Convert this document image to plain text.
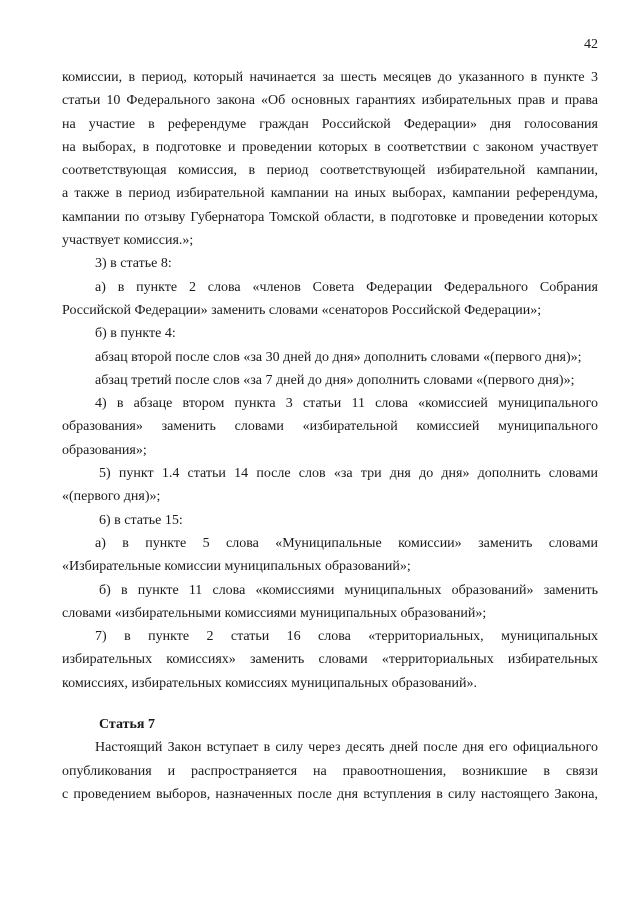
42
комиссии, в период, который начинается за шесть месяцев до указанного в пункте 3
статьи 10 Федерального закона «Об основных гарантиях избирательных прав и права
на участие в референдуме граждан Российской Федерации» дня голосования
на выборах, в подготовке и проведении которых в соответствии с законом участвует
соответствующая комиссия, в период соответствующей избирательной кампании,
а также в период избирательной кампании на иных выборах, кампании референдума,
кампании по отзыву Губернатора Томской области, в подготовке и проведении которых
участвует комиссия.»;
3) в статье 8:
а) в пункте 2 слова «членов Совета Федерации Федерального Собрания
Российской Федерации» заменить словами «сенаторов Российской Федерации»;
б) в пункте 4:
абзац второй после слов «за 30 дней до дня» дополнить словами «(первого дня)»;
абзац третий после слов «за 7 дней до дня» дополнить словами «(первого дня)»;
4) в абзаце втором пункта 3 статьи 11 слова «комиссией муниципального
образования» заменить словами «избирательной комиссией муниципального
образования»;
5) пункт 1.4 статьи 14 после слов «за три дня до дня» дополнить словами
«(первого дня)»;
6) в статье 15:
а) в пункте 5 слова «Муниципальные комиссии» заменить словами
«Избирательные комиссии муниципальных образований»;
б) в пункте 11 слова «комиссиями муниципальных образований» заменить
словами «избирательными комиссиями муниципальных образований»;
7) в пункте 2 статьи 16 слова «территориальных, муниципальных
избирательных комиссиях» заменить словами «территориальных избирательных
комиссиях, избирательных комиссиях муниципальных образований».
Статья 7
Настоящий Закон вступает в силу через десять дней после дня его официального
опубликования и распространяется на правоотношения, возникшие в связи
с проведением выборов, назначенных после дня вступления в силу настоящего Закона,
